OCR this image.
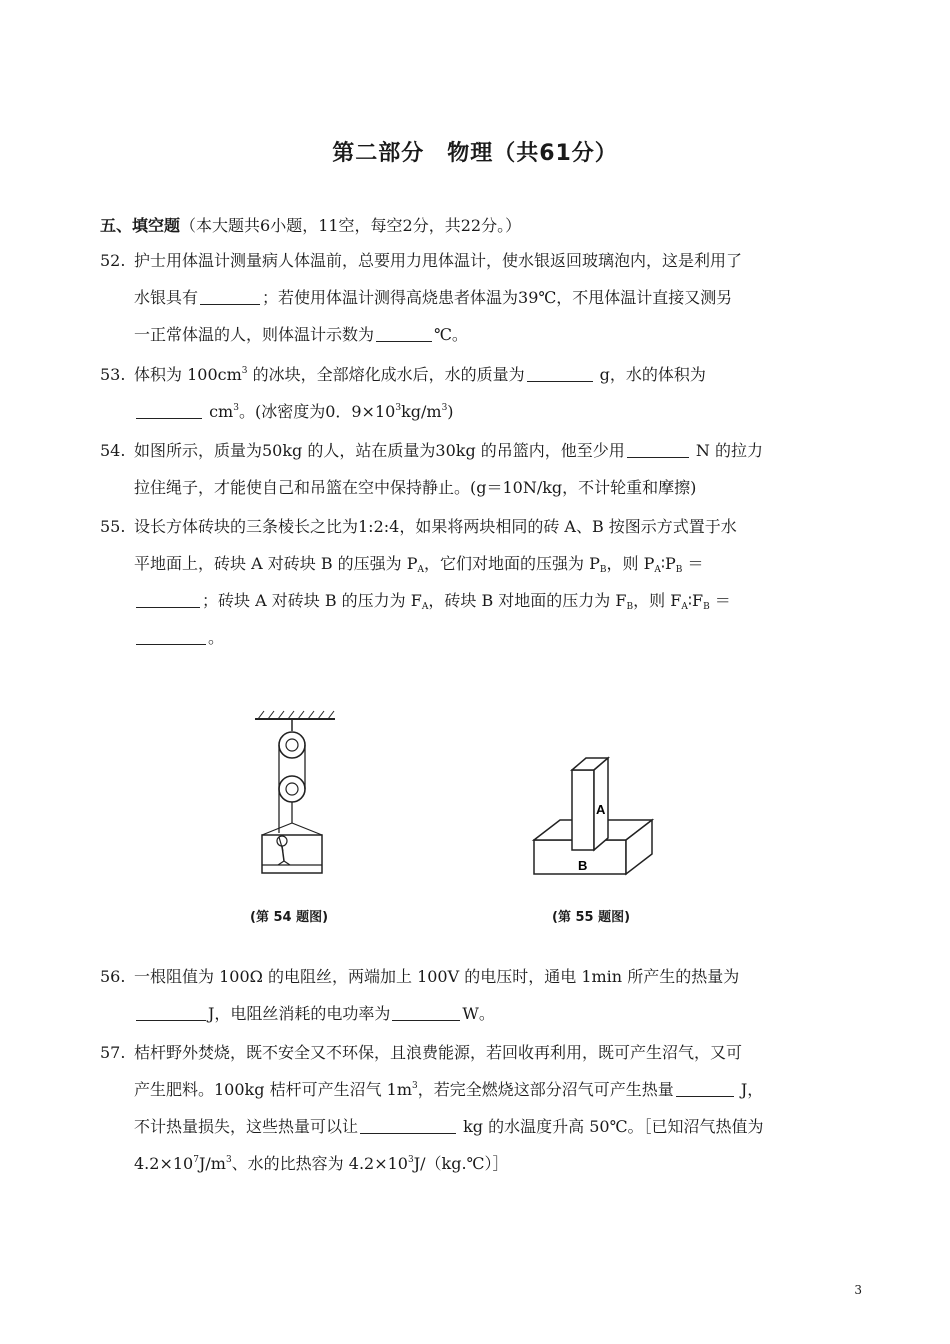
第二部分　物理（共61分）
五、填空题（本大题共6小题，11空，每空2分，共22分。）
52. 护士用体温计测量病人体温前，总要用力甩体温计，使水银返回玻璃泡内，这是利用了
水银具有	；若使用体温计测得高烧患者体温为39℃，不甩体温计直接又测另
一正常体温的人，则体温计示数为	℃。
53. 体积为 $100cm^3$ 的冰块，全部熔化成水后，水的质量为	g，水的体积为
$cm^3$。(冰密度为0．$9\times 10^3kg/m^3$)
54. 如图所示，质量为50kg 的人，站在质量为30kg 的吊篮内，他至少用	N 的拉力
拉住绳子，才能使自己和吊篮在空中保持静止。(g＝10N/kg，不计轮重和摩擦)
55. 设长方体砖块的三条棱长之比为1:2:4，如果将两块相同的砖 A、B 按图示方式置于水
平地面上，砖块 A 对砖块 B 的压强为 $P_A$，它们对地面的压强为 $P_B$，则 $P_A∶P_B$ ＝
；砖块 A 对砖块 B 的压力为 $F_A$，砖块 B 对地面的压力为 $F_B$，则 $F_A∶F_B$ ＝
。
(第 54 题图)
A
B
(第 55 题图)
56. 一根阻值为 100Ω 的电阻丝，两端加上 100V 的电压时，通电 1min 所产生的热量为
J，电阻丝消耗的电功率为	W。
57. 桔杆野外焚烧，既不安全又不环保，且浪费能源，若回收再利用，既可产生沼气，又可
产生肥料。100kg 桔杆可产生沼气 $1m^3$，若完全燃烧这部分沼气可产生热量	J，
不计热量损失，这些热量可以让	kg 的水温度升高 50℃。［已知沼气热值为
$4.2\times 10^7J/m^3$、水的比热容为 $4.2\times 10^3J/(kg.℃)]$
3
